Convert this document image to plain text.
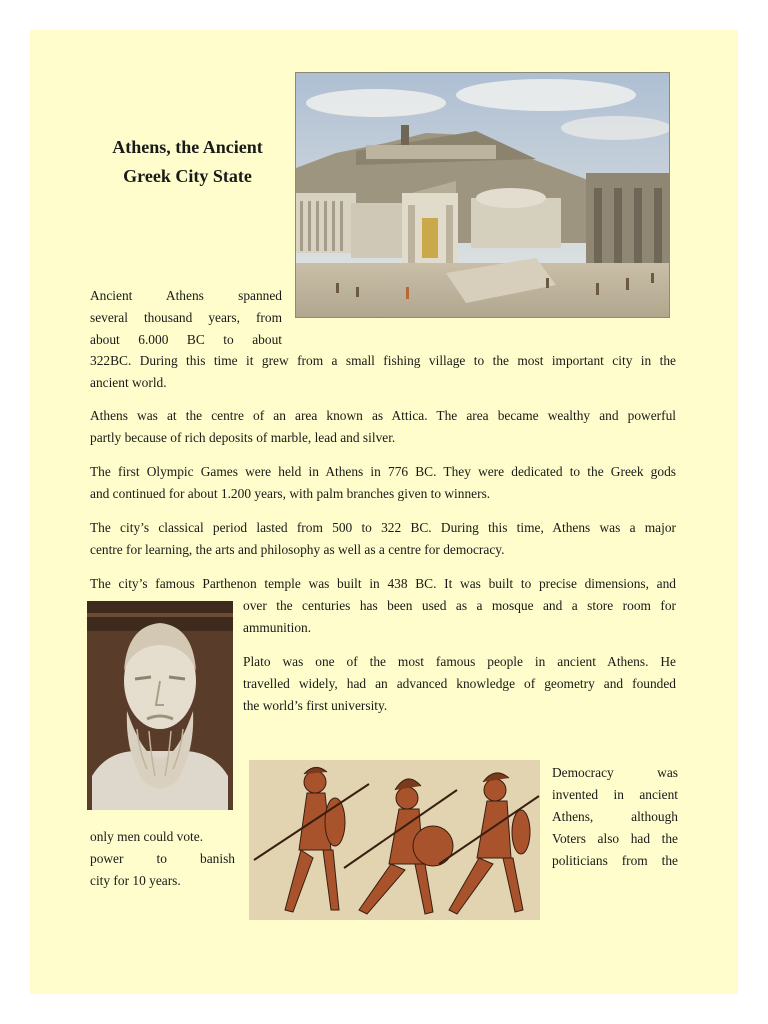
Athens, the Ancient
Greek City State
Ancient Athens spanned
several thousand years, from
about 6.000 BC to about
322BC. During this time it grew from a small fishing village to the most important city in the
ancient world.
Athens was at the centre of an area known as Attica. The area became wealthy and powerful
partly because of rich deposits of marble, lead and silver.
The first Olympic Games were held in Athens in 776 BC. They were dedicated to the Greek gods
and continued for about 1.200 years, with palm branches given to winners.
The city’s classical period lasted from 500 to 322 BC. During this time, Athens was a major
centre for learning, the arts and philosophy as well as a centre for democracy.
The city’s famous Parthenon temple was built in 438 BC. It was built to precise dimensions, and
over the centuries has been used as a mosque and a store room for
ammunition.
Plato was one of the most famous people in ancient Athens. He
travelled widely, had an advanced knowledge of geometry and founded
the world’s first university.
Democracy was
invented in ancient
Athens, although
Voters also had the
politicians from the
only men could vote.
power to banish
city for 10 years.
